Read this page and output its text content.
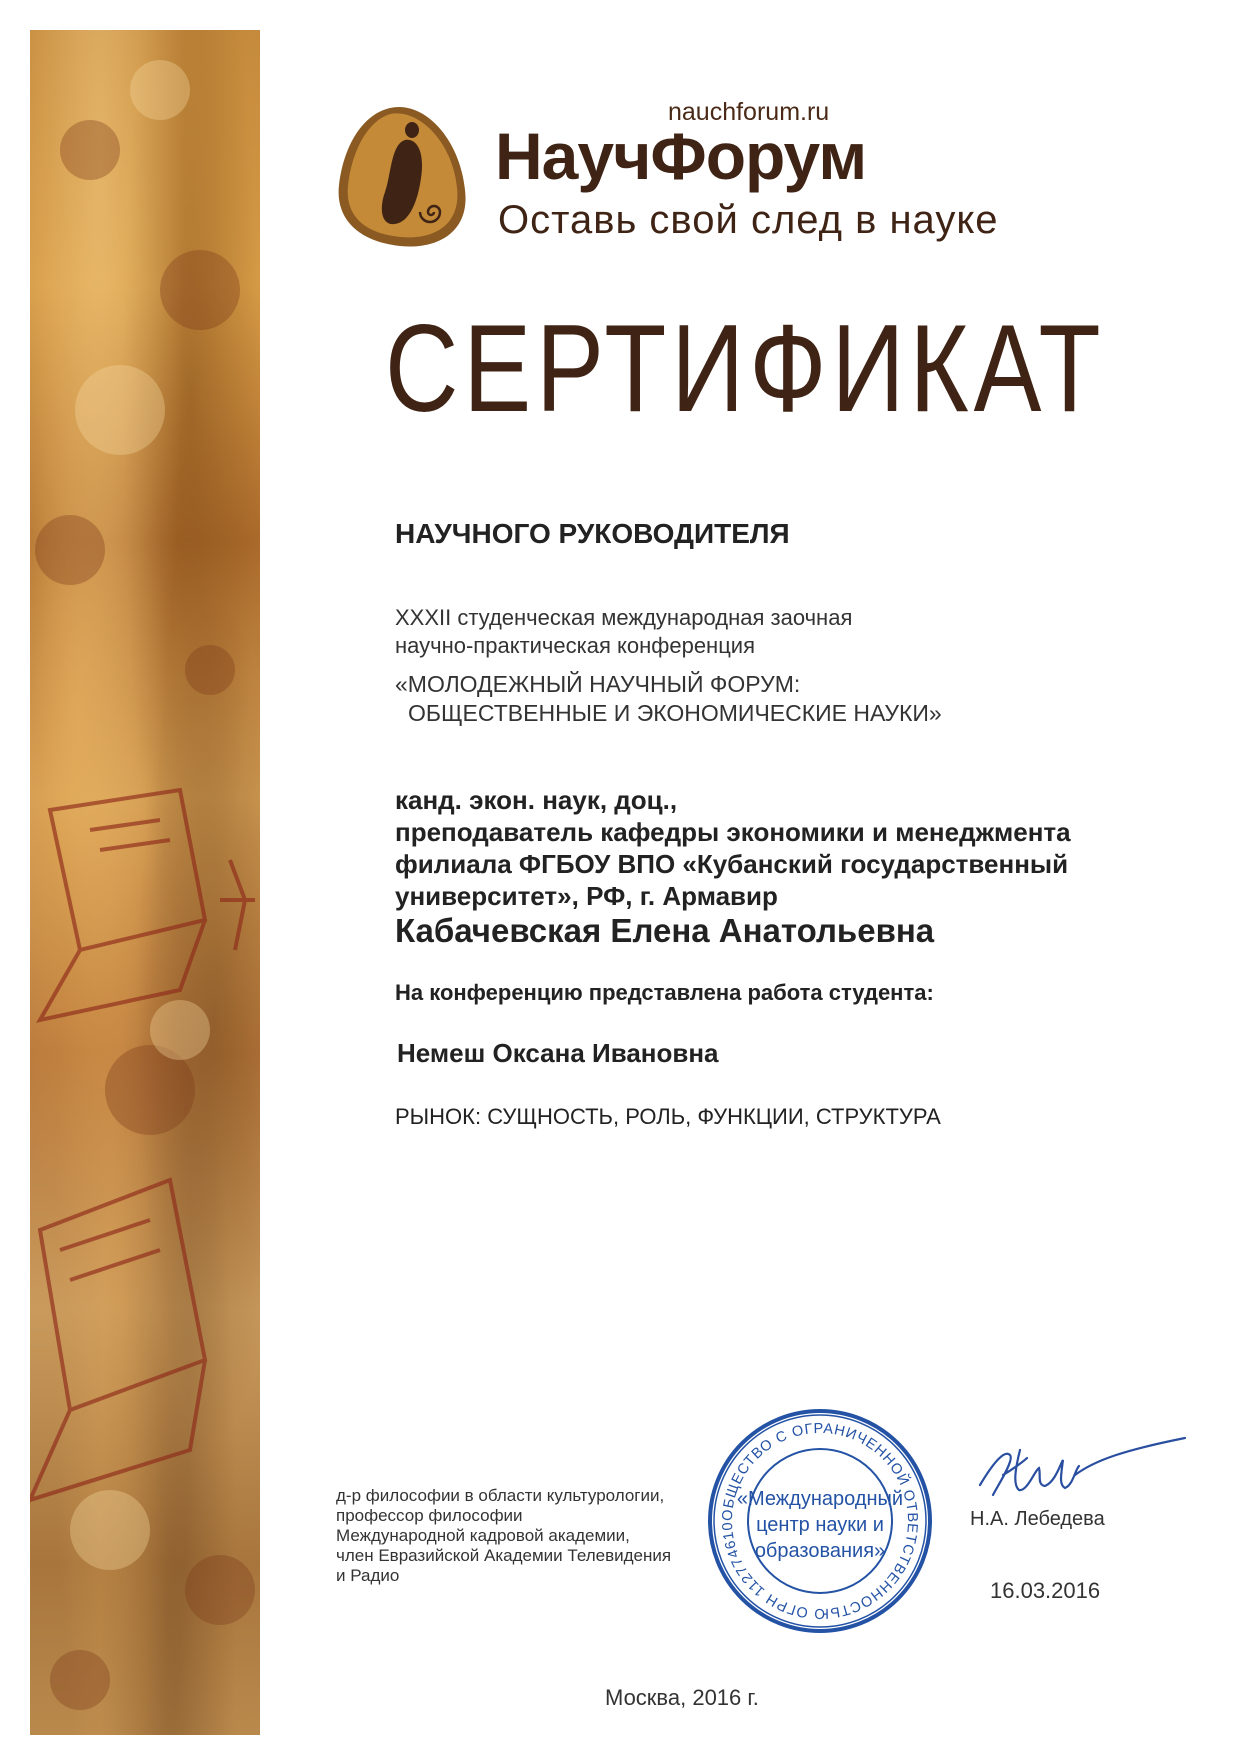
nauchforum.ru
НаучФорум
Оставь свой след в науке
СЕРТИФИКАТ
НАУЧНОГО РУКОВОДИТЕЛЯ
XXXII студенческая международная заочная
научно-практическая конференция
«МОЛОДЕЖНЫЙ НАУЧНЫЙ ФОРУМ:
ОБЩЕСТВЕННЫЕ И ЭКОНОМИЧЕСКИЕ НАУКИ»
канд. экон. наук, доц.,
преподаватель кафедры экономики и менеджмента
филиала ФГБОУ ВПО «Кубанский государственный
университет», РФ, г. Армавир
Кабачевская Елена Анатольевна
На конференцию представлена работа студента:
Немеш Оксана Ивановна
РЫНОК: СУЩНОСТЬ, РОЛЬ, ФУНКЦИИ, СТРУКТУРА
д-р философии в области культурологии,
профессор философии
Международной кадровой академии,
член Евразийской Академии Телевидения
и Радио
ОБЩЕСТВО С ОГРАНИЧЕННОЙ ОТВЕТСТВЕННОСТЬЮ ОГРН 112774610
«Международный
центр науки и
образования»
Н.А. Лебедева
16.03.2016
Москва, 2016 г.
